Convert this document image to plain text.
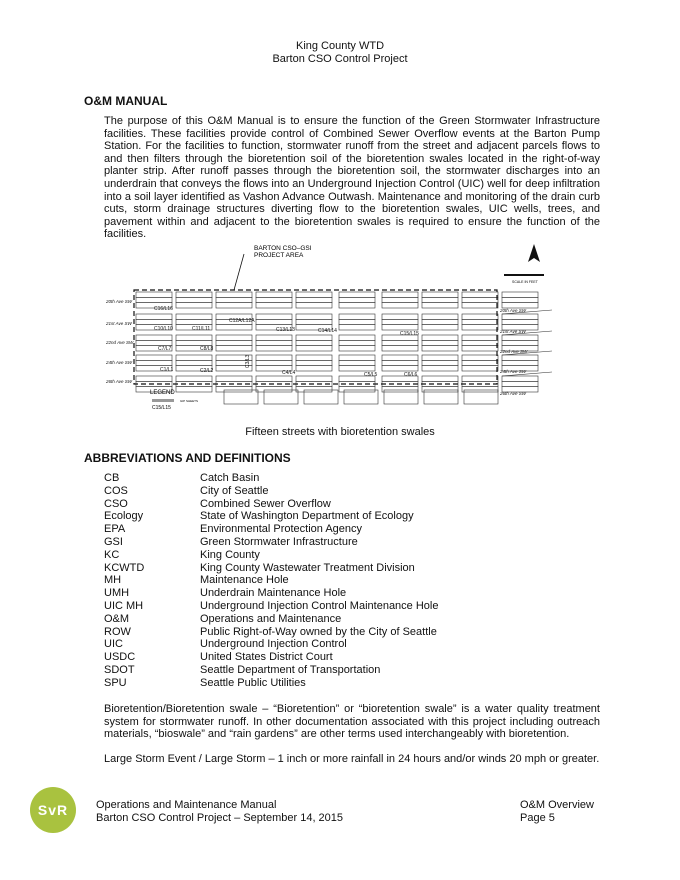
King County WTD
Barton CSO Control Project
O&M MANUAL

The purpose of this O&M Manual is to ensure the function of the Green Stormwater Infrastructure facilities. These facilities provide control of Combined Sewer Overflow events at the Barton Pump Station. For the facilities to function, stormwater runoff from the street and adjacent parcels flows to and then filters through the bioretention soil of the bioretention swales located in the right-of-way planter strip. After runoff passes through the bioretention soil, the stormwater discharges into an underdrain that conveys the flows into an Underground Injection Control (UIC) well for deep infiltration into a soil layer identified as Vashon Advance Outwash. Maintenance and monitoring of the drain curb cuts, storm drainage structures diverting flow to the bioretention swales, UIC wells, trees, and pavement within and adjacent to the bioretention swales is required to ensure the function of the facilities.

BARTON CSO–GSI
PROJECT AREA
SCALE IN FEET
20th Ave SW
21st Ave SW
22nd Ave SW
24th Ave SW
26th Ave SW
20th Ave SW
21st Ave SW
22nd Ave SW
24th Ave SW
26th Ave SW
C16/L16
C12A/L12A
C10/L10	C11/L11	C13/L13	C14/L14	C15/L15
C7/L7	C8/L8
C1/L1	C2/L2	C4/L4	C5/L5	C6/L6
C3/L3
LEGEND
GIP SHEETS
C15/L15
Fifteen streets with bioretention swales
ABBREVIATIONS AND DEFINITIONS
CB	Catch Basin
COS	City of Seattle
CSO	Combined Sewer Overflow
Ecology	State of Washington Department of Ecology
EPA	Environmental Protection Agency
GSI	Green Stormwater Infrastructure
KC	King County
KCWTD	King County Wastewater Treatment Division
MH	Maintenance Hole
UMH	Underdrain Maintenance Hole
UIC MH	Underground Injection Control Maintenance Hole
O&M	Operations and Maintenance
ROW	Public Right-of-Way owned by the City of Seattle
UIC	Underground Injection Control
USDC	United States District Court
SDOT	Seattle Department of Transportation
SPU	Seattle Public Utilities

Bioretention/Bioretention swale – “Bioretention” or “bioretention swale” is a water quality treatment system for stormwater runoff. In other documentation associated with this project including outreach materials, “bioswale” and “rain gardens” are other terms used interchangeably with bioretention.

Large Storm Event / Large Storm – 1 inch or more rainfall in 24 hours and/or winds 20 mph or greater.

SvR	Operations and Maintenance Manual
Barton CSO Control Project – September 14, 2015
O&M Overview
Page 5
